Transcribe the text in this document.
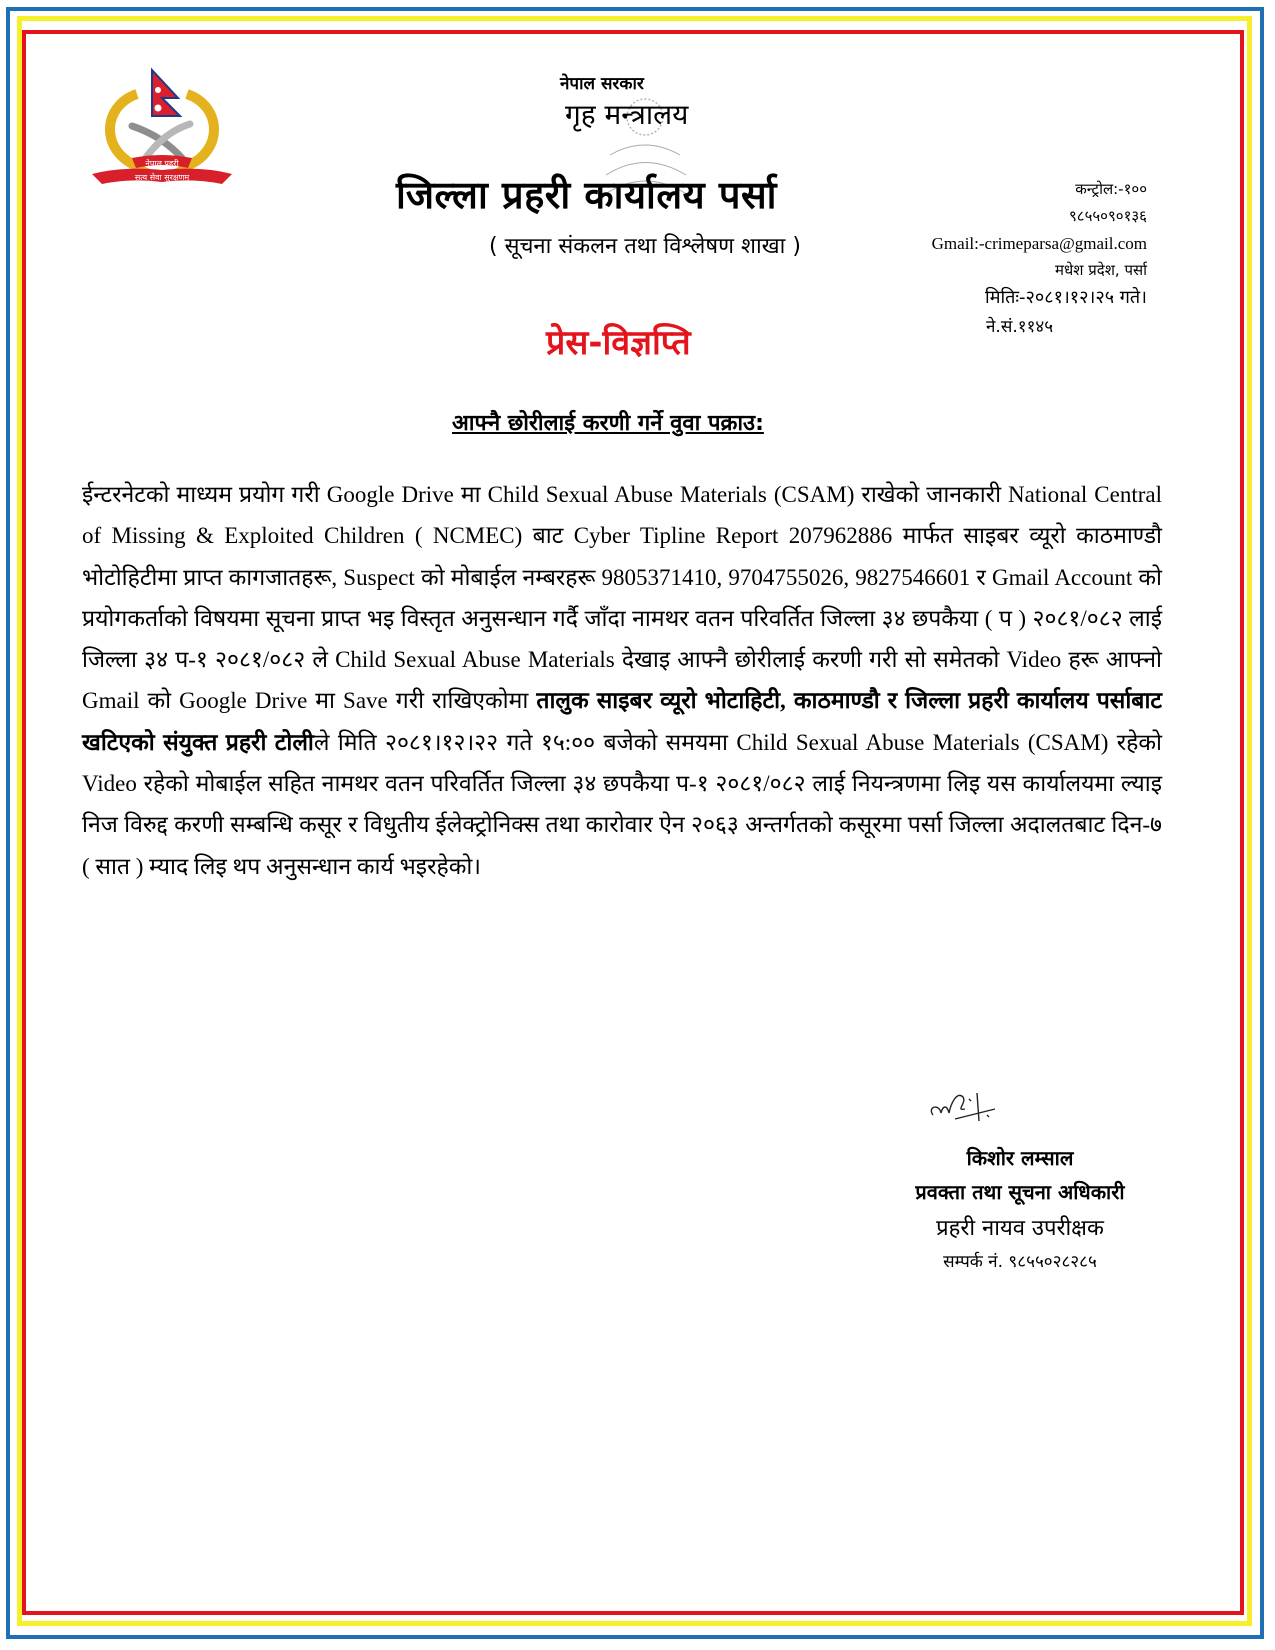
नेपाल प्रहरी
सत्य सेवा सुरक्षणम्
नेपाल सरकार
गृह मन्त्रालय
जिल्ला प्रहरी कार्यालय पर्सा
( सूचना संकलन तथा विश्लेषण शाखा )
कन्ट्रोल:-१००
९८५५०९०१३६
Gmail:-crimeparsa@gmail.com
मधेश प्रदेश, पर्सा
मितिः-२०८१।१२।२५ गते।
ने.सं.११४५
प्रेस-विज्ञप्ति
आफ्नै छोरीलाई करणी गर्ने वुवा पक्राउ:
ईन्टरनेटको माध्यम प्रयोग गरी Google Drive मा Child Sexual Abuse Materials (CSAM) राखेको जानकारी National Central of Missing & Exploited Children ( NCMEC) बाट Cyber Tipline Report 207962886 मार्फत साइबर व्यूरो काठमाण्डौ भोटोहिटीमा प्राप्त कागजातहरू, Suspect को मोबाईल नम्बरहरू 9805371410, 9704755026, 9827546601 र Gmail Account को प्रयोगकर्ताको विषयमा सूचना प्राप्त भइ विस्तृत अनुसन्धान गर्दै जाँदा नामथर वतन परिवर्तित जिल्ला ३४ छपकैया ( प ) २०८१/०८२ लाई जिल्ला ३४ प-१ २०८१/०८२ ले Child Sexual Abuse Materials देखाइ आफ्नै छोरीलाई करणी गरी सो समेतको Video हरू आफ्नो Gmail को Google Drive मा Save गरी राखिएकोमा तालुक साइबर व्यूरो भोटाहिटी, काठमाण्डौ र जिल्ला प्रहरी कार्यालय पर्साबाट खटिएको संयुक्त प्रहरी टोलीले मिति २०८१।१२।२२ गते १५:०० बजेको समयमा Child Sexual Abuse Materials (CSAM) रहेको Video रहेको मोबाईल सहित नामथर वतन परिवर्तित जिल्ला ३४ छपकैया प-१ २०८१/०८२ लाई नियन्त्रणमा लिइ यस कार्यालयमा ल्याइ निज विरुद्द करणी सम्बन्धि कसूर र विधुतीय ईलेक्ट्रोनिक्स तथा कारोवार ऐन २०६३ अन्तर्गतको कसूरमा पर्सा जिल्ला अदालतबाट दिन-७ ( सात ) म्याद लिइ थप अनुसन्धान कार्य भइरहेको।
किशोर लम्साल
प्रवक्ता तथा सूचना अधिकारी
प्रहरी नायव उपरीक्षक
सम्पर्क नं. ९८५५०२८२८५
